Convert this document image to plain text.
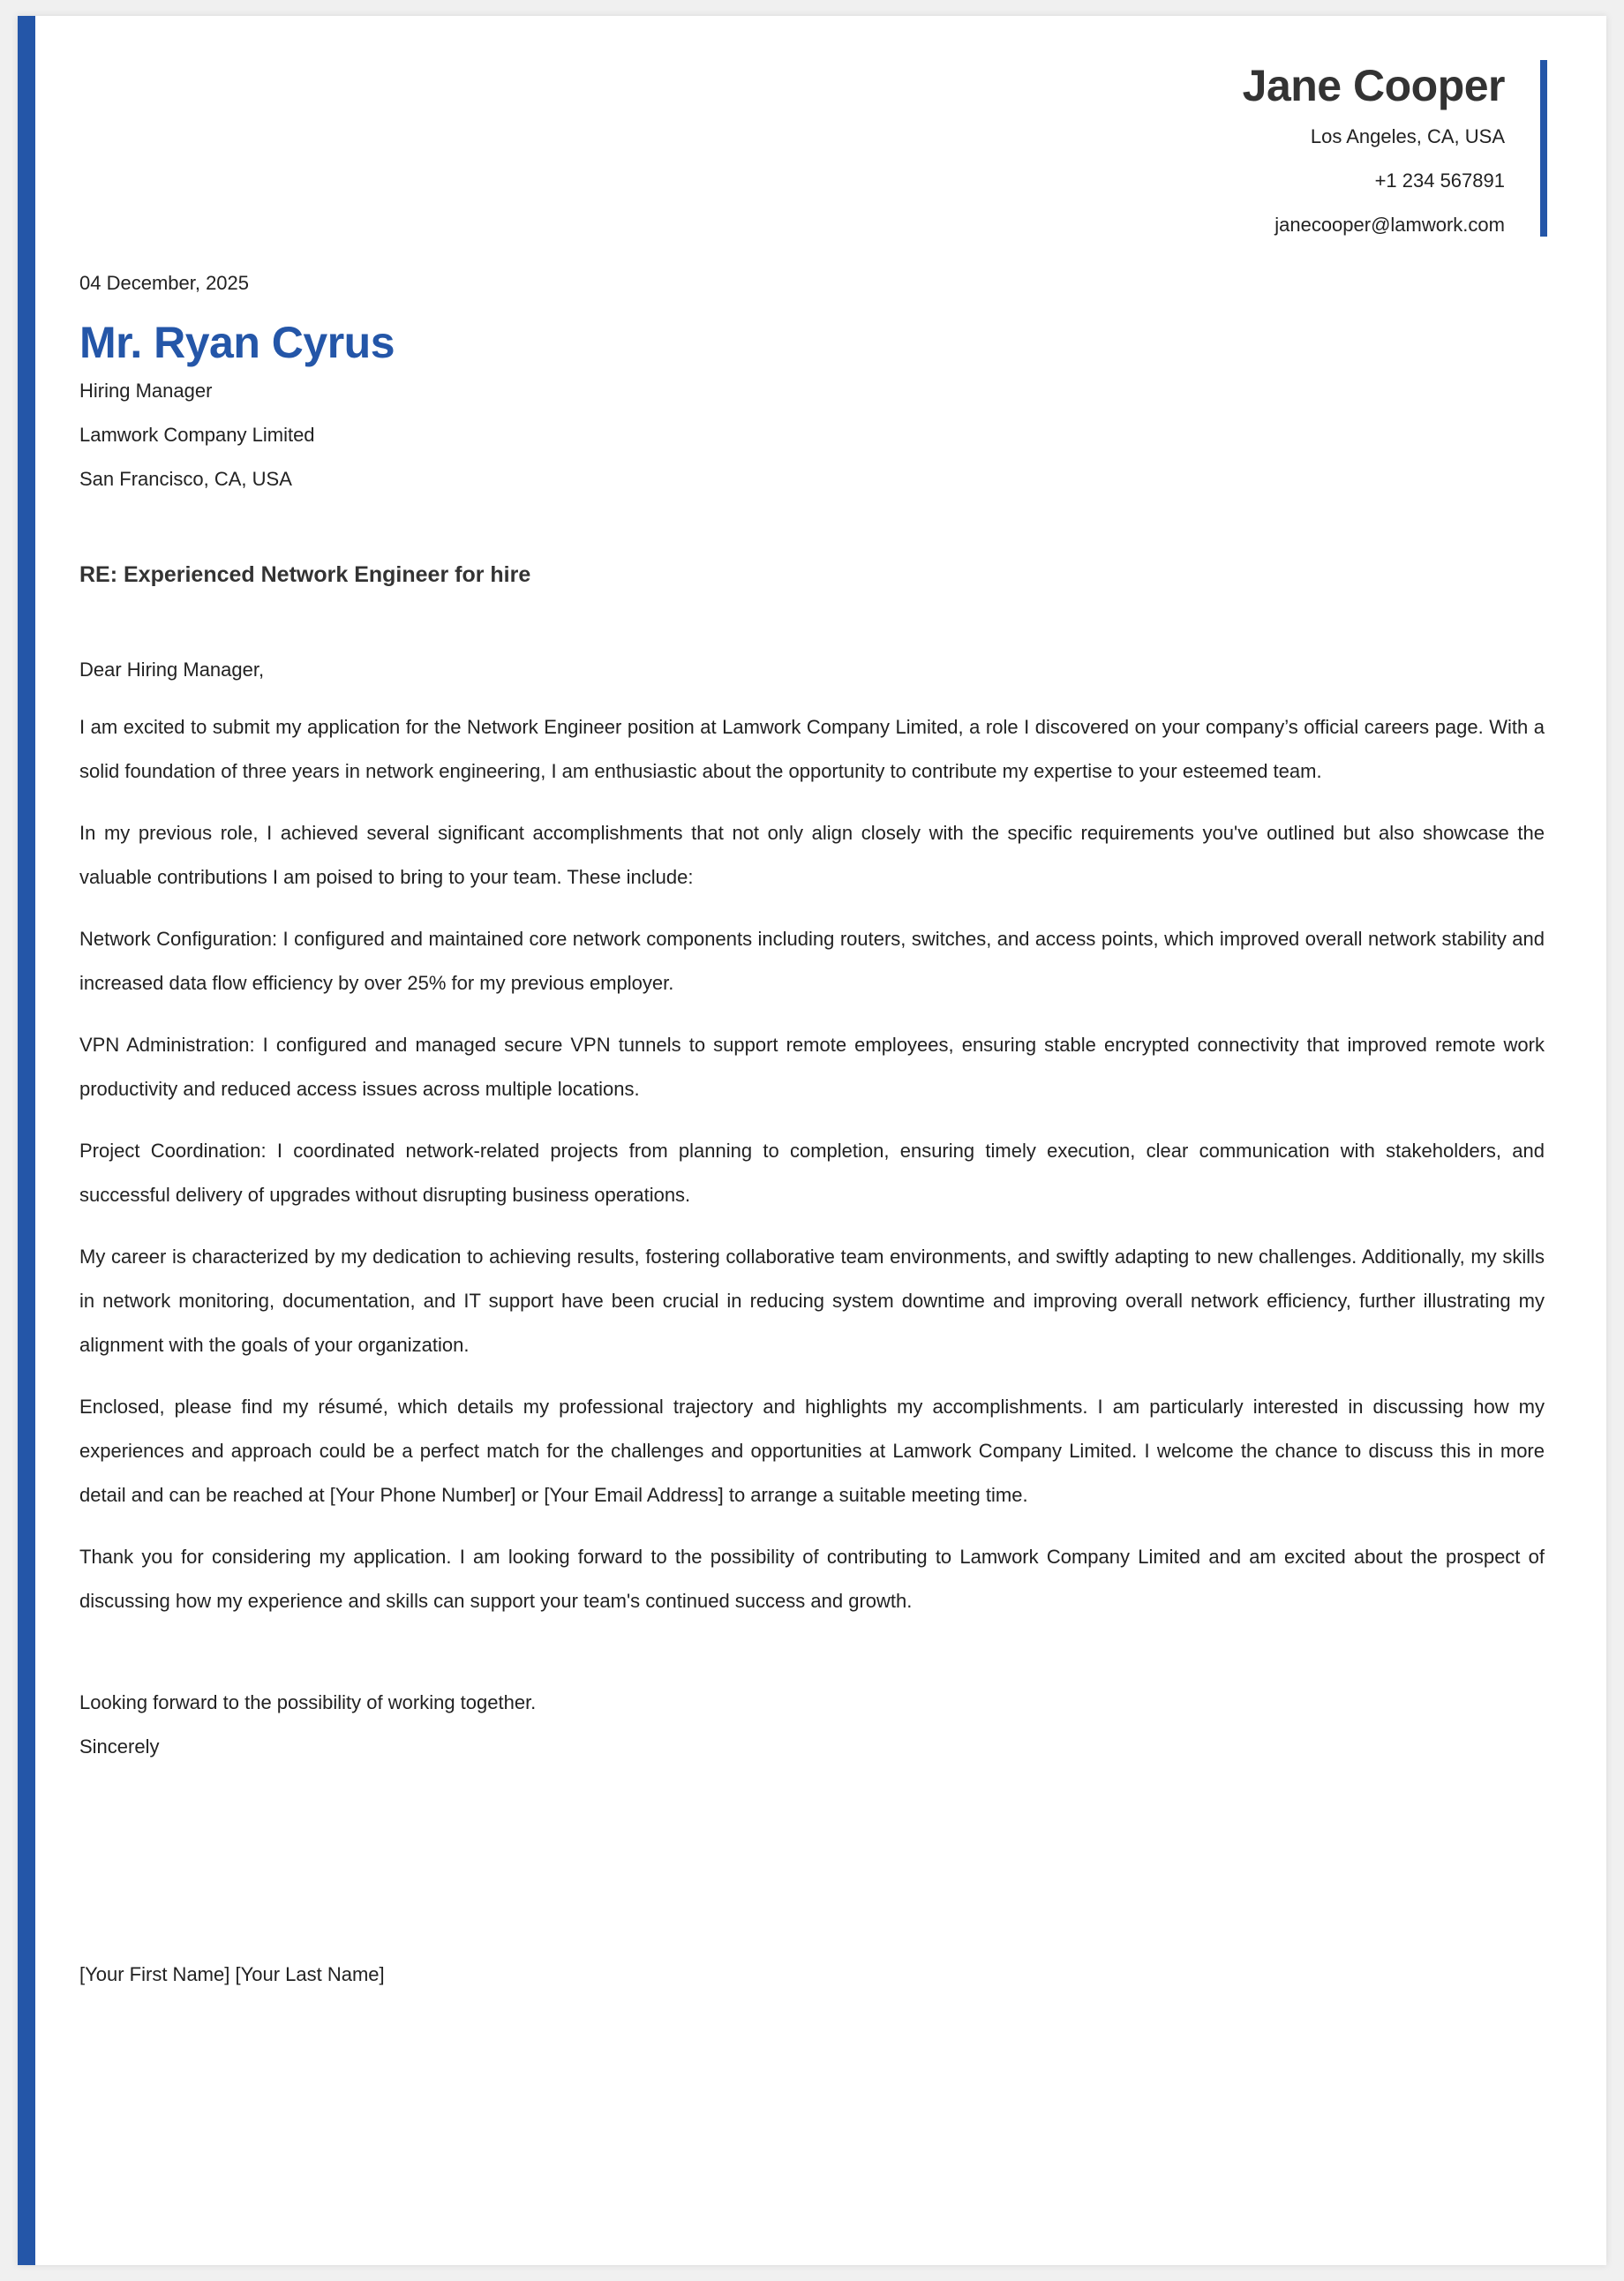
Jane Cooper
Los Angeles, CA, USA
+1 234 567891
janecooper@lamwork.com
04 December, 2025
Mr. Ryan Cyrus
Hiring Manager
Lamwork Company Limited
San Francisco, CA, USA
RE: Experienced Network Engineer for hire
Dear Hiring Manager,

I am excited to submit my application for the Network Engineer position at Lamwork Company Limited, a role I discovered on your company’s official careers page. With a solid foundation of three years in network engineering, I am enthusiastic about the opportunity to contribute my expertise to your esteemed team.

In my previous role, I achieved several significant accomplishments that not only align closely with the specific requirements you've outlined but also showcase the valuable contributions I am poised to bring to your team. These include:

Network Configuration: I configured and maintained core network components including routers, switches, and access points, which improved overall network stability and increased data flow efficiency by over 25% for my previous employer.

VPN Administration: I configured and managed secure VPN tunnels to support remote employees, ensuring stable encrypted connectivity that improved remote work productivity and reduced access issues across multiple locations.

Project Coordination: I coordinated network-related projects from planning to completion, ensuring timely execution, clear communication with stakeholders, and successful delivery of upgrades without disrupting business operations.

My career is characterized by my dedication to achieving results, fostering collaborative team environments, and swiftly adapting to new challenges. Additionally, my skills in network monitoring, documentation, and IT support have been crucial in reducing system downtime and improving overall network efficiency, further illustrating my alignment with the goals of your organization.

Enclosed, please find my résumé, which details my professional trajectory and highlights my accomplishments. I am particularly interested in discussing how my experiences and approach could be a perfect match for the challenges and opportunities at Lamwork Company Limited. I welcome the chance to discuss this in more detail and can be reached at [Your Phone Number] or [Your Email Address] to arrange a suitable meeting time.

Thank you for considering my application. I am looking forward to the possibility of contributing to Lamwork Company Limited and am excited about the prospect of discussing how my experience and skills can support your team's continued success and growth.

Looking forward to the possibility of working together.
Sincerely
[Your First Name] [Your Last Name]
